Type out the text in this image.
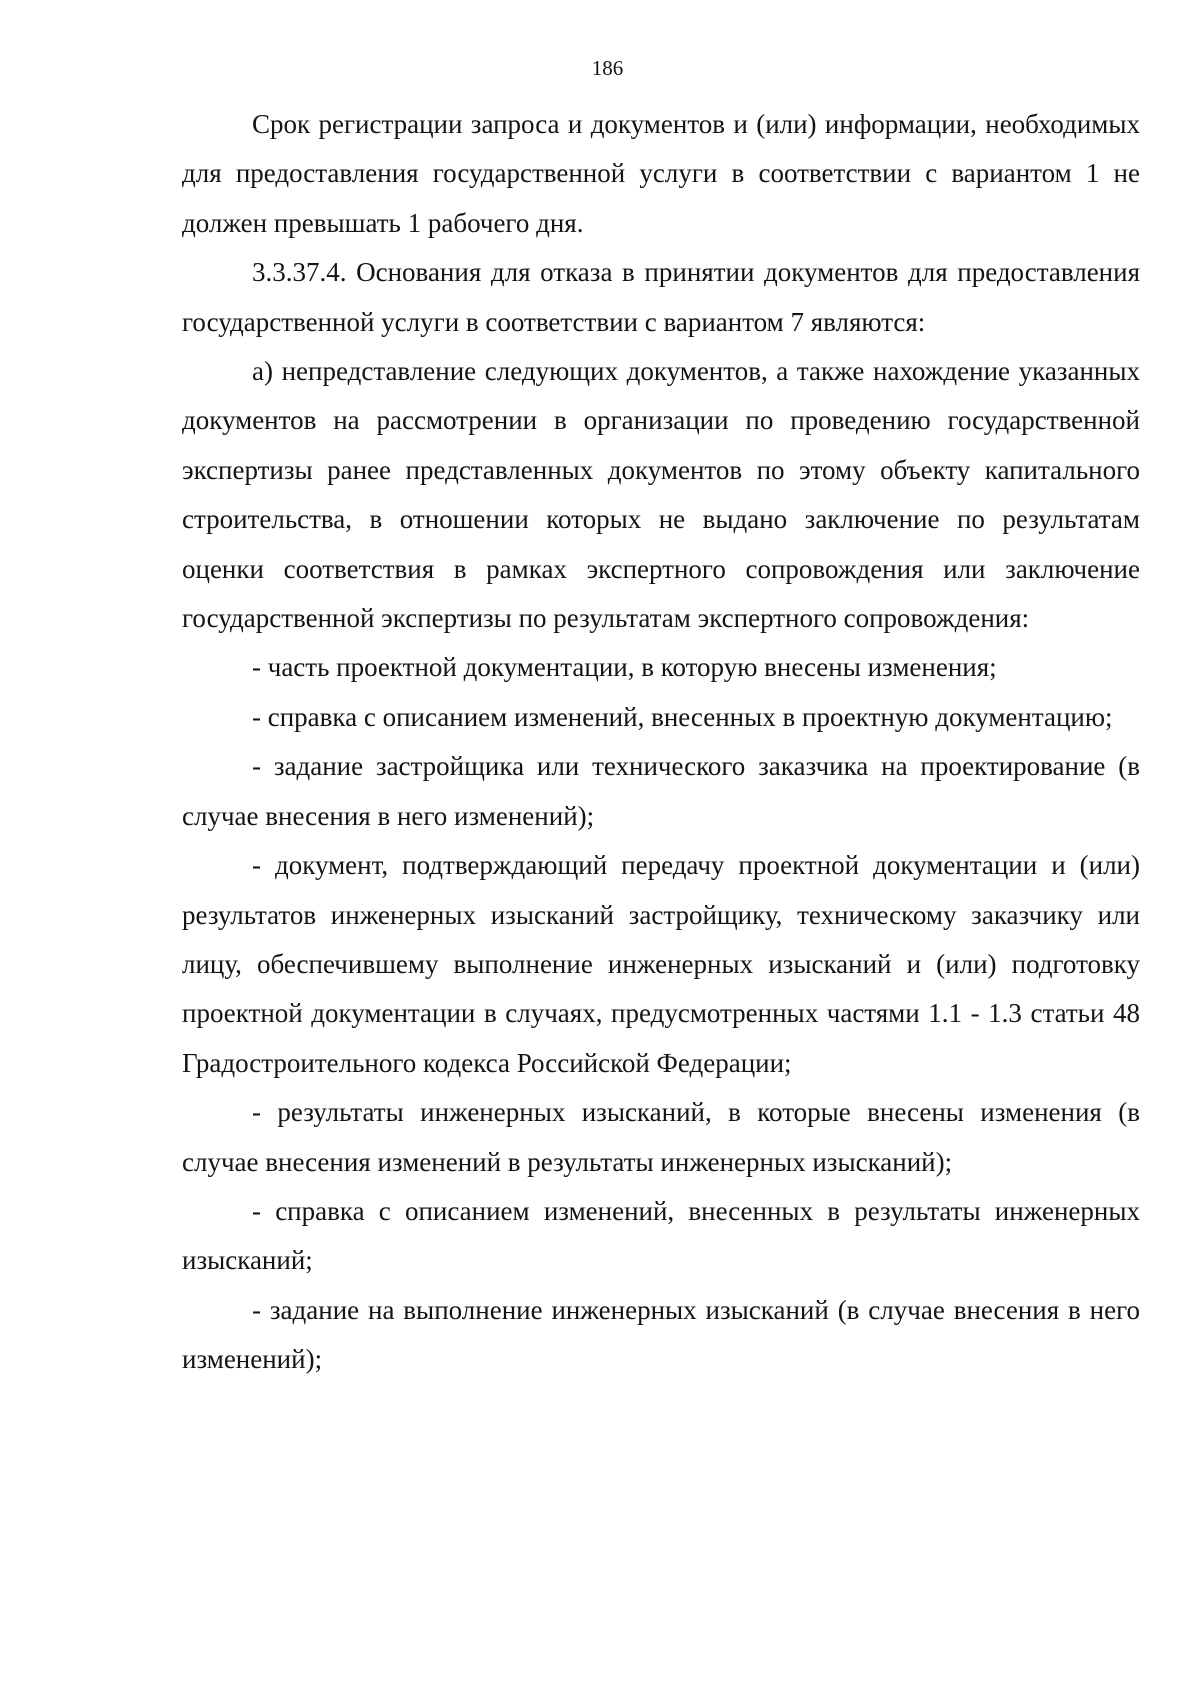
186

Срок регистрации запроса и документов и (или) информации, необходимых для предоставления государственной услуги в соответствии с вариантом 1 не должен превышать 1 рабочего дня.

3.3.37.4. Основания для отказа в принятии документов для предоставления государственной услуги в соответствии с вариантом 7 являются:

а) непредставление следующих документов, а также нахождение указанных документов на рассмотрении в организации по проведению государственной экспертизы ранее представленных документов по этому объекту капитального строительства, в отношении которых не выдано заключение по результатам оценки соответствия в рамках экспертного сопровождения или заключение государственной экспертизы по результатам экспертного сопровождения:

- часть проектной документации, в которую внесены изменения;

- справка с описанием изменений, внесенных в проектную документацию;

- задание застройщика или технического заказчика на проектирование (в случае внесения в него изменений);

- документ, подтверждающий передачу проектной документации и (или) результатов инженерных изысканий застройщику, техническому заказчику или лицу, обеспечившему выполнение инженерных изысканий и (или) подготовку проектной документации в случаях, предусмотренных частями 1.1 - 1.3 статьи 48 Градостроительного кодекса Российской Федерации;

- результаты инженерных изысканий, в которые внесены изменения (в случае внесения изменений в результаты инженерных изысканий);

- справка с описанием изменений, внесенных в результаты инженерных изысканий;

- задание на выполнение инженерных изысканий (в случае внесения в него изменений);
